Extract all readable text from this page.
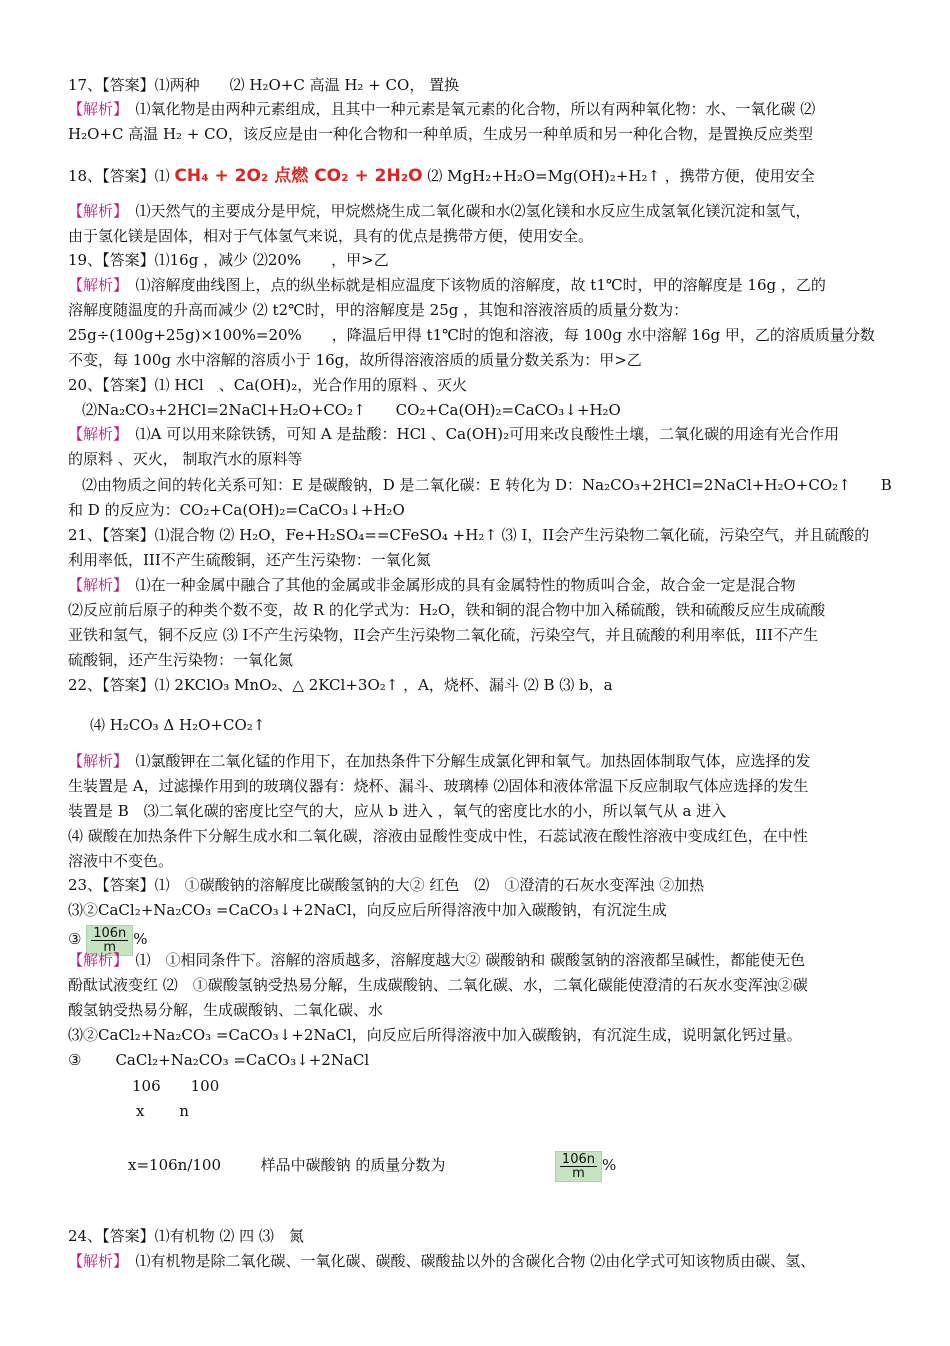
17、【答案】⑴两种　　⑵ H₂O+C 高温 H₂ + CO， 置换
【解析】　 ⑴氧化物是由两种元素组成，且其中一种元素是氧元素的化合物，所以有两种氧化物：水、一氧化碳 ⑵
H₂O+C 高温 H₂ + CO，该反应是由一种化合物和一种单质，生成另一种单质和另一种化合物，是置换反应类型
18、【答案】⑴ CH₄ + 2O₂ 点燃 CO₂ + 2H₂O ⑵ MgH₂+H₂O=Mg(OH)₂+H₂↑ ，携带方便，使用安全
【解析】　 ⑴天然气的主要成分是甲烷，甲烷燃烧生成二氧化碳和水⑵氢化镁和水反应生成氢氧化镁沉淀和氢气，
由于氢化镁是固体，相对于气体氢气来说，具有的优点是携带方便，使用安全。
19、【答案】⑴16g ，减少 ⑵20%　　，甲>乙
【解析】　 ⑴溶解度曲线图上，点的纵坐标就是相应温度下该物质的溶解度，故 t1℃时，甲的溶解度是 16g ，乙的
溶解度随温度的升高而减少 ⑵ t2℃时，甲的溶解度是 25g ，其饱和溶液溶质的质量分数为：
25g÷(100g+25g)×100%=20%　　，降温后甲得 t1℃时的饱和溶液，每 100g 水中溶解 16g 甲，乙的溶质质量分数
不变，每 100g 水中溶解的溶质小于 16g，故所得溶液溶质的质量分数关系为：甲>乙
20、【答案】⑴ HCl　、Ca(OH)₂，光合作用的原料 、灭火
⑵Na₂CO₃+2HCl=2NaCl+H₂O+CO₂↑　　CO₂+Ca(OH)₂=CaCO₃↓+H₂O
【解析】　 ⑴A 可以用来除铁锈，可知 A 是盐酸：HCl 、Ca(OH)₂可用来改良酸性土壤，二氧化碳的用途有光合作用
的原料 、灭火， 制取汽水的原料等
⑵由物质之间的转化关系可知：E 是碳酸钠，D 是二氧化碳：E 转化为 D：Na₂CO₃+2HCl=2NaCl+H₂O+CO₂↑　　B
和 D 的反应为：CO₂+Ca(OH)₂=CaCO₃↓+H₂O
21、【答案】⑴混合物 ⑵ H₂O，Fe+H₂SO₄==CFeSO₄ +H₂↑ ⑶ I，II会产生污染物二氧化硫，污染空气，并且硫酸的
利用率低，III不产生硫酸铜，还产生污染物：一氧化氮
【解析】　 ⑴在一种金属中融合了其他的金属或非金属形成的具有金属特性的物质叫合金，故合金一定是混合物
⑵反应前后原子的种类个数不变，故 R 的化学式为：H₂O，铁和铜的混合物中加入稀硫酸，铁和硫酸反应生成硫酸
亚铁和氢气，铜不反应 ⑶ I不产生污染物，II会产生污染物二氧化硫，污染空气，并且硫酸的利用率低，III不产生
硫酸铜，还产生污染物：一氧化氮
22、【答案】⑴ 2KClO₃ MnO₂、△ 2KCl+3O₂↑ ，A，烧杯、漏斗 ⑵ B ⑶ b，a
⑷ H₂CO₃ Δ H₂O+CO₂↑
【解析】　 ⑴氯酸钾在二氧化锰的作用下，在加热条件下分解生成氯化钾和氧气。加热固体制取气体，应选择的发
生装置是 A，过滤操作用到的玻璃仪器有：烧杯、漏斗、玻璃棒 ⑵固体和液体常温下反应制取气体应选择的发生
装置是 B　⑶二氧化碳的密度比空气的大，应从 b 进入 ，氧气的密度比水的小，所以氧气从 a 进入
⑷ 碳酸在加热条件下分解生成水和二氧化碳，溶液由显酸性变成中性，石蕊试液在酸性溶液中变成红色，在中性
溶液中不变色。
23、【答案】⑴　①碳酸钠的溶解度比碳酸氢钠的大② 红色　⑵　①澄清的石灰水变浑浊 ②加热
⑶②CaCl₂+Na₂CO₃ =CaCO₃↓+2NaCl，向反应后所得溶液中加入碳酸钠，有沉淀生成
③ $\frac{106n}{m}$ %
【解析】　 ⑴　①相同条件下。溶解的溶质越多，溶解度越大② 碳酸钠和 碳酸氢钠的溶液都呈碱性，都能使无色
酚酞试液变红 ⑵　①碳酸氢钠受热易分解，生成碳酸钠、二氧化碳、水，二氧化碳能使澄清的石灰水变浑浊②碳
酸氢钠受热易分解，生成碳酸钠、二氧化碳、水
⑶②CaCl₂+Na₂CO₃ =CaCO₃↓+2NaCl，向反应后所得溶液中加入碳酸钠，有沉淀生成，说明氯化钙过量。
③ CaCl₂+Na₂CO₃ =CaCO₃↓+2NaCl
106　　100
x　　 n
x=106n/100	样品中碳酸钠 的质量分数为	$\frac{106n}{m}$ %
24、【答案】⑴有机物 ⑵ 四 ⑶　氮
【解析】　 ⑴有机物是除二氧化碳、一氧化碳、碳酸、碳酸盐以外的含碳化合物 ⑵由化学式可知该物质由碳、氢、
